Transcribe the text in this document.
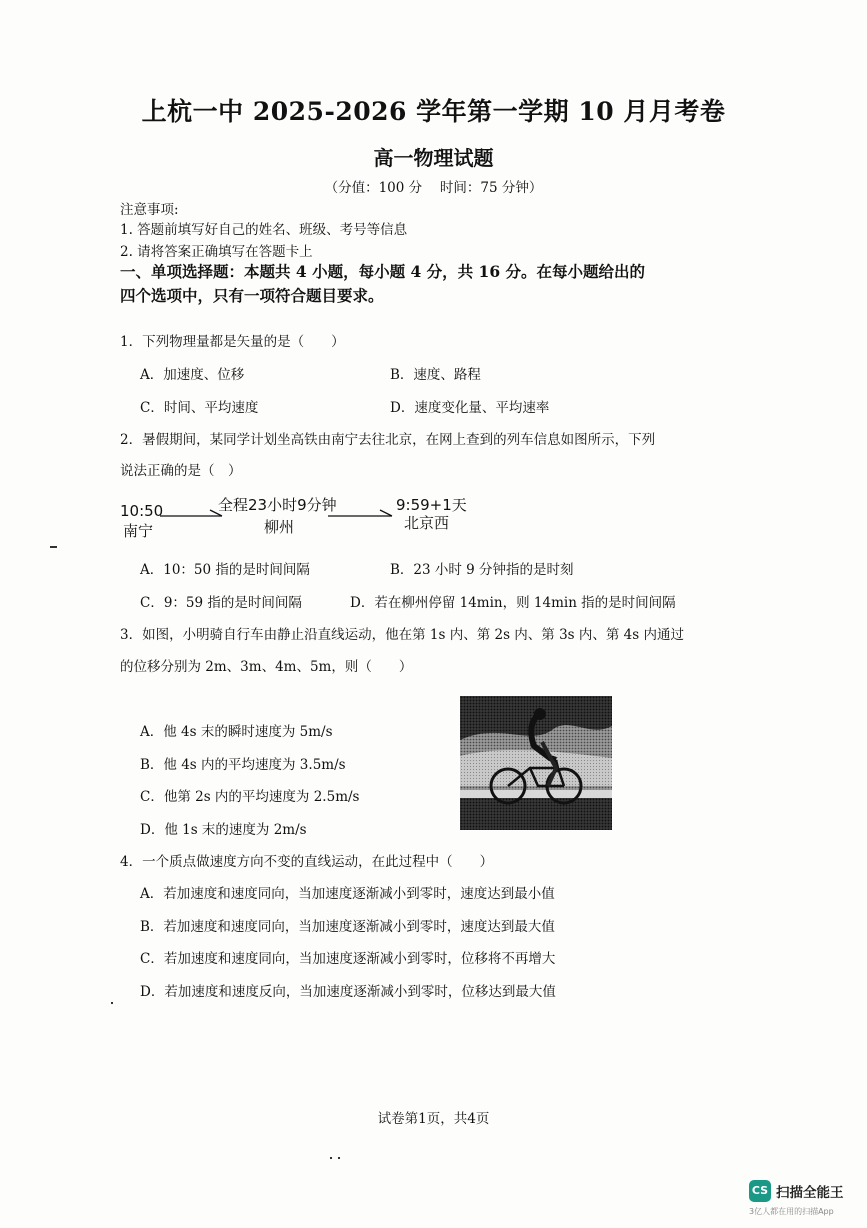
上杭一中 2025-2026 学年第一学期 10 月月考卷
高一物理试题
（分值：100 分　 时间：75 分钟）
注意事项:
1. 答题前填写好自己的姓名、班级、考号等信息
2. 请将答案正确填写在答题卡上
一、单项选择题：本题共 4 小题，每小题 4 分，共 16 分。在每小题给出的
四个选项中，只有一项符合题目要求。
1．下列物理量都是矢量的是（　　）
A．加速度、位移	B．速度、路程
C．时间、平均速度	D．速度变化量、平均速率
2．暑假期间，某同学计划坐高铁由南宁去往北京，在网上查到的列车信息如图所示，下列
说法正确的是（　）
10:50
南宁
全程23小时9分钟
柳州
9:59+1天
北京西
A．10：50 指的是时间间隔	B．23 小时 9 分钟指的是时刻
C．9：59 指的是时间间隔	D．若在柳州停留 14min，则 14min 指的是时间间隔
3．如图，小明骑自行车由静止沿直线运动，他在第 1s 内、第 2s 内、第 3s 内、第 4s 内通过
的位移分别为 2m、3m、4m、5m，则（　　）
A．他 4s 末的瞬时速度为 5m/s
B．他 4s 内的平均速度为 3.5m/s
C．他第 2s 内的平均速度为 2.5m/s
D．他 1s 末的速度为 2m/s
4．一个质点做速度方向不变的直线运动，在此过程中（　　）
A．若加速度和速度同向，当加速度逐渐减小到零时，速度达到最小值
B．若加速度和速度同向，当加速度逐渐减小到零时，速度达到最大值
C．若加速度和速度同向，当加速度逐渐减小到零时，位移将不再增大
D．若加速度和速度反向，当加速度逐渐减小到零时，位移达到最大值
试卷第1页，共4页
CS 扫描全能王
3亿人都在用的扫描App
